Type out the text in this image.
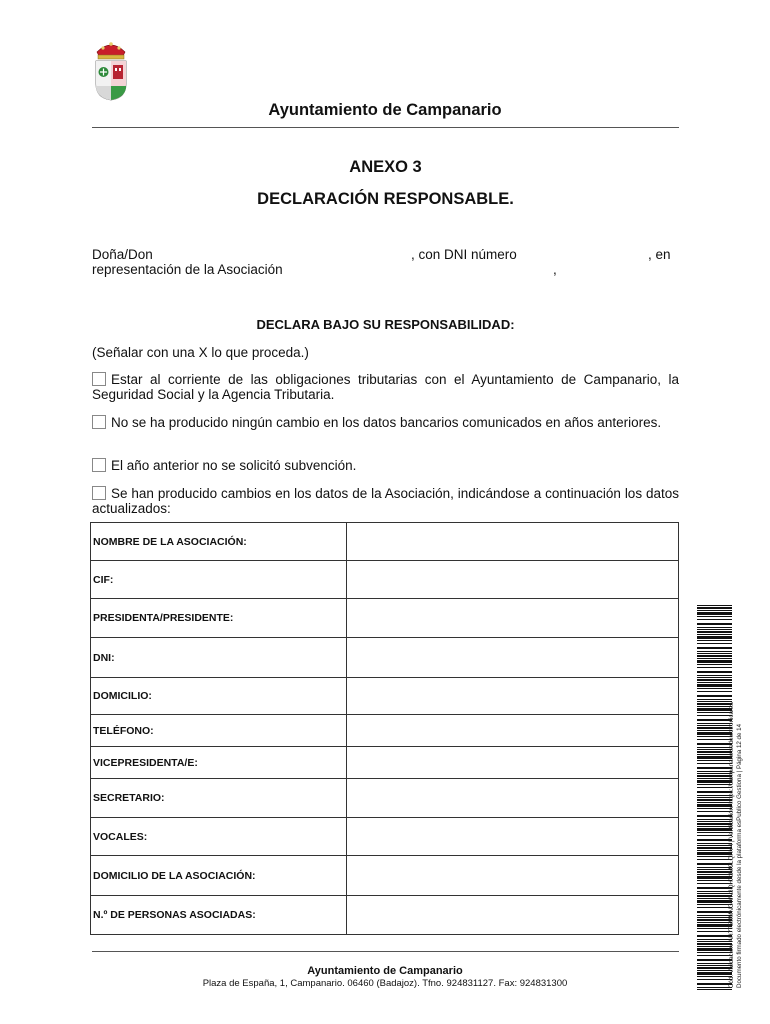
Ayuntamiento de Campanario
ANEXO 3
DECLARACIÓN RESPONSABLE.
Doña/Don	, con DNI número	, en
representación de la Asociación	,
DECLARA BAJO SU RESPONSABILIDAD:
(Señalar con una X lo que proceda.)
Estar al corriente de las obligaciones tributarias con el Ayuntamiento de Campanario, la Seguridad Social y la Agencia Tributaria.
No se ha producido ningún cambio en los datos bancarios comunicados en años anteriores.
El año anterior no se solicitó subvención.
Se han producido cambios en los datos de la Asociación, indicándose a continuación los datos actualizados:
NOMBRE DE LA ASOCIACIÓN:	
CIF:	
PRESIDENTA/PRESIDENTE:	
DNI:	
DOMICILIO:	
TELÉFONO:	
VICEPRESIDENTA/E:	
SECRETARIO:	
VOCALES:	
DOMICILIO DE LA ASOCIACIÓN:	
N.º DE PERSONAS ASOCIADAS:	
Ayuntamiento de Campanario
Plaza de España, 1, Campanario. 06460 (Badajoz). Tfno. 924831127. Fax: 924831300	Cód. Validación: AH7T5MMNGWN3QHX3M9LQHY4 | Verificación: https://campanario.sedelectronica.es/ Documento firmado electrónicamente desde la plataforma esPublico Gestiona | Página 12 de 14
